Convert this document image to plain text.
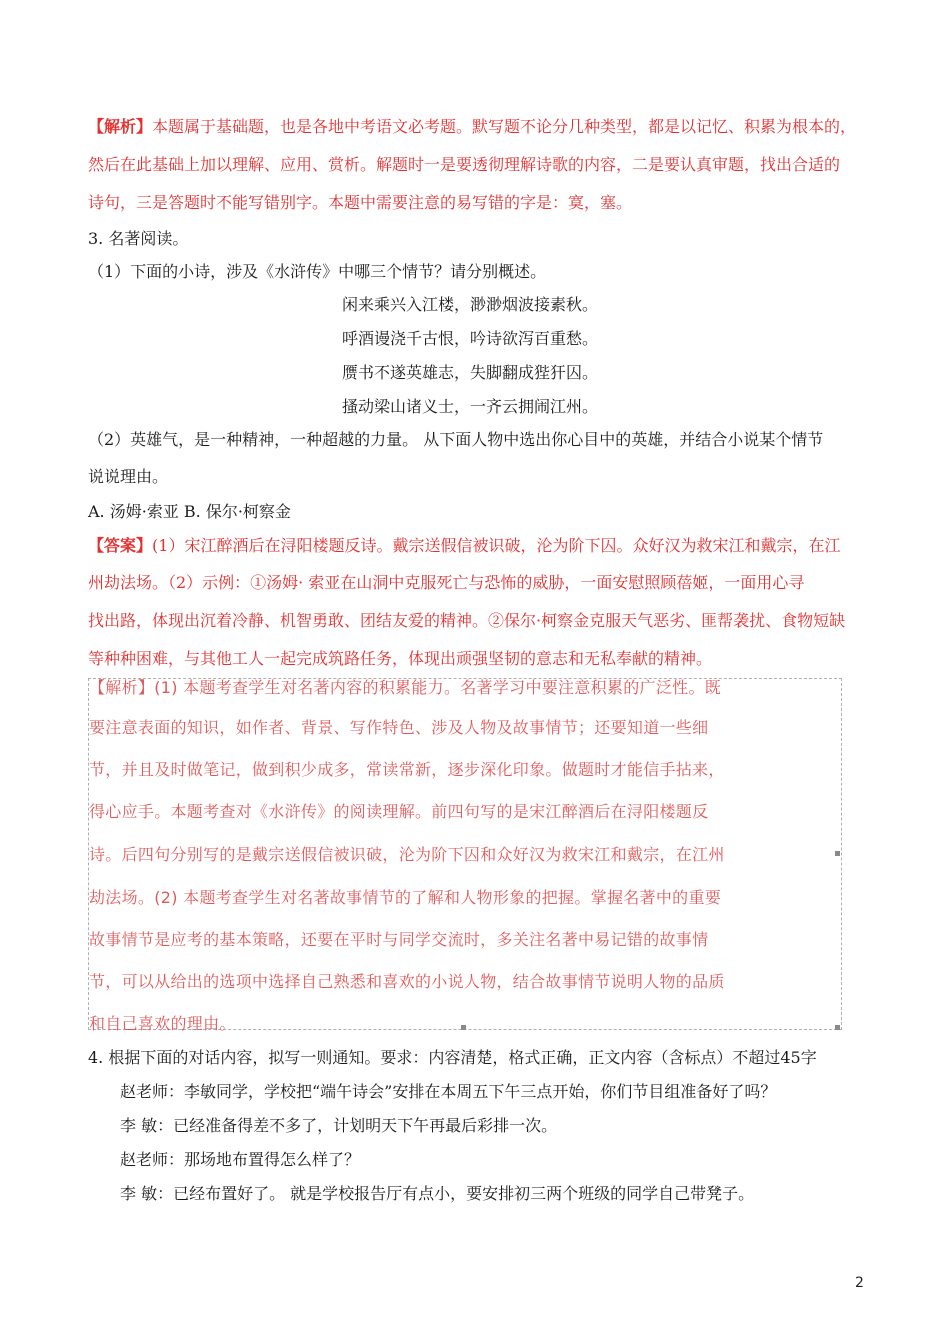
【解析】本题属于基础题，也是各地中考语文必考题。默写题不论分几种类型，都是以记忆、积累为根本的，
然后在此基础上加以理解、应用、赏析。解题时一是要透彻理解诗歌的内容，二是要认真审题，找出合适的
诗句，三是答题时不能写错别字。本题中需要注意的易写错的字是：寞，塞。
3. 名著阅读。
（1）下面的小诗，涉及《水浒传》中哪三个情节？请分别概述。
闲来乘兴入江楼，渺渺烟波接素秋。
呼酒谩浇千古恨，吟诗欲泻百重愁。
赝书不遂英雄志，失脚翻成狴犴囚。
搔动梁山诸义士，一齐云拥闹江州。
（2）英雄气，是一种精神，一种超越的力量。 从下面人物中选出你心目中的英雄，并结合小说某个情节
说说理由。
A. 汤姆·索亚 B. 保尔·柯察金
【答案】(1）宋江醉酒后在浔阳楼题反诗。戴宗送假信被识破，沦为阶下囚。众好汉为救宋江和戴宗，在江
州劫法场。（2）示例：①汤姆· 索亚在山洞中克服死亡与恐怖的威胁，一面安慰照顾蓓姬，一面用心寻
找出路，体现出沉着冷静、机智勇敢、团结友爱的精神。②保尔·柯察金克服天气恶劣、匪帮袭扰、食物短缺
等种种困难，与其他工人一起完成筑路任务，体现出顽强坚韧的意志和无私奉献的精神。
【解析】(1) 本题考查学生对名著内容的积累能力。名著学习中要注意积累的广泛性。既
要注意表面的知识，如作者、背景、写作特色、涉及人物及故事情节；还要知道一些细
节，并且及时做笔记，做到积少成多，常读常新，逐步深化印象。做题时才能信手拈来，
得心应手。本题考查对《水浒传》的阅读理解。前四句写的是宋江醉酒后在浔阳楼题反
诗。后四句分别写的是戴宗送假信被识破，沦为阶下囚和众好汉为救宋江和戴宗，在江州
劫法场。(2) 本题考查学生对名著故事情节的了解和人物形象的把握。掌握名著中的重要
故事情节是应考的基本策略，还要在平时与同学交流时，多关注名著中易记错的故事情
节，可以从给出的选项中选择自己熟悉和喜欢的小说人物，结合故事情节说明人物的品质
和自己喜欢的理由。
4. 根据下面的对话内容，拟写一则通知。要求：内容清楚，格式正确，正文内容（含标点）不超过45字
赵老师：李敏同学，学校把“端午诗会”安排在本周五下午三点开始，你们节目组准备好了吗？
李 敏：已经准备得差不多了，计划明天下午再最后彩排一次。
赵老师：那场地布置得怎么样了？
李 敏：已经布置好了。 就是学校报告厅有点小，要安排初三两个班级的同学自己带凳子。
2
